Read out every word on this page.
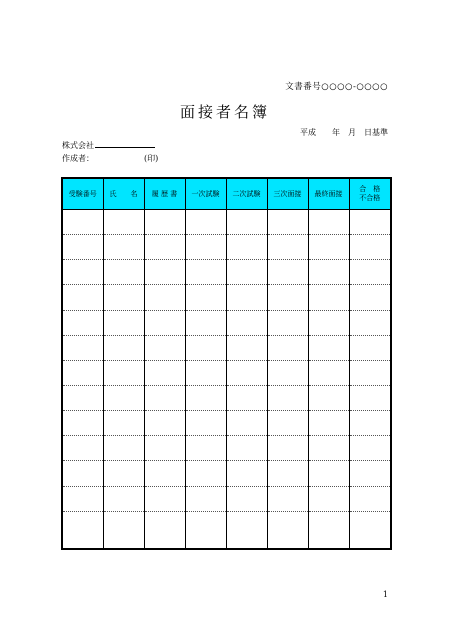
文書番号○○○○-○○○○
面接者名簿
平成　　年　月　日基準
株式会社
作成者：	(印)
受験番号	氏　　名	履 歴 書	一次試験	二次試験	三次面接	最終面接	合　格
不合格

1
